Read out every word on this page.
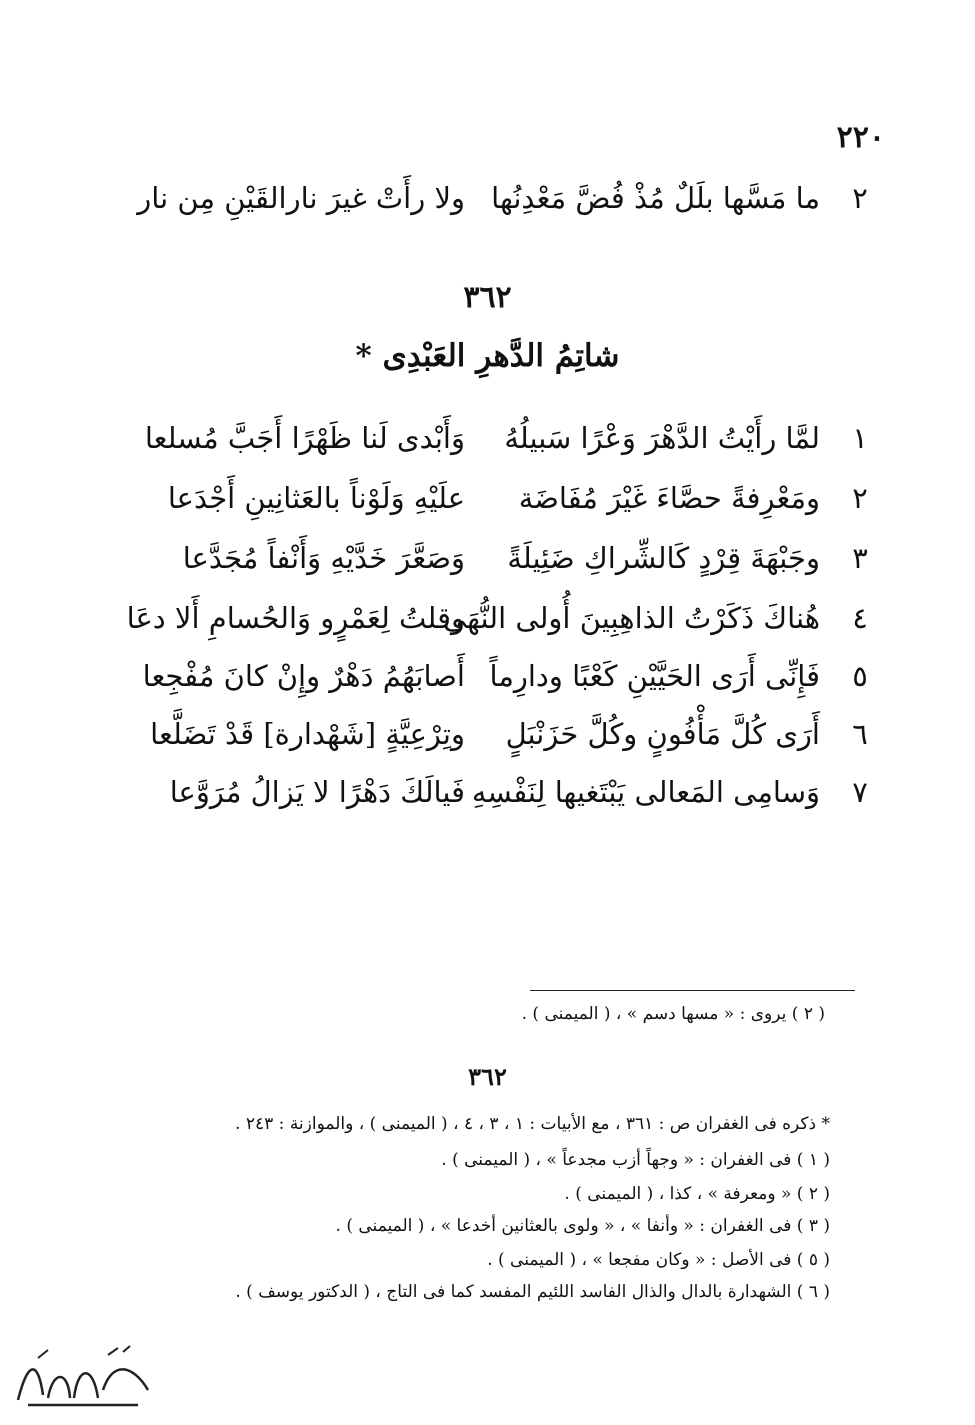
٢٢٠
٢
ما مَسَّها بلَلٌ مُذْ فُضَّ مَعْدِنُها
ولا رأَتْ غيرَ نارالقَيْنِ مِن نار
٣٦٢
شاتِمُ الدَّهرِ العَبْدِى *
١
لمَّا رأَيْتُ الدَّهْرَ وَعْرًا سَبيلُهُ
وَأَبْدى لَنا ظَهْرًا أَجَبَّ مُسلعا
٢
ومَعْرِفةً حصَّاءَ غَيْرَ مُفَاضَة
علَيْهِ وَلَوْناً بالعَثانِينِ أَجْدَعا
٣
وجَبْهَةَ قِرْدٍ كَالشِّراكِ ضَئِيلَةً
وَصَعَّرَ خَدَّيْهِ وَأَنْفاً مُجَدَّعا
٤
هُناكَ ذَكَرْتُ الذاهِبِينَ أُولى النُّهَى
وقلتُ لِعَمْرٍو وَالحُسامِ أَلا دعَا
٥
فَإِنِّى أَرَى الحَيَّيْنِ كَعْبًا ودارِماً
أَصابَهُمُ دَهْرٌ وإِنْ كانَ مُفْجِعا
٦
أَرَى كُلَّ مَأْفُونٍ وكُلَّ حَزَنْبَلٍ
وتِرْعِيَّةٍ [شَهْدارة] قَدْ تَضَلَّعا
٧
وَسامِى المَعالى يَبْتَغيها لِنَفْسِهِ
فَيالَكَ دَهْرًا لا يَزالُ مُرَوَّعا
( ٢ ) يروى : « مسها دسم » ، ( الميمنى ) .
٣٦٢
* ذكره فى الغفران ص : ٣٦١ ، مع الأبيات : ١ ، ٣ ، ٤ ، ( الميمنى ) ، والموازنة : ٢٤٣ .
( ١ ) فى الغفران : « وجهاً أزب مجدعاً » ، ( الميمنى ) .
( ٢ ) « ومعرفة » ، كذا ، ( الميمنى ) .
( ٣ ) فى الغفران : « وأنفا » ، « ولوى بالعثانين أخدعا » ، ( الميمنى ) .
( ٥ ) فى الأصل : « وكان مفجعا » ، ( الميمنى ) .
( ٦ ) الشهدارة بالدال والذال الفاسد اللئيم المفسد كما فى التاج ، ( الدكتور يوسف ) .
